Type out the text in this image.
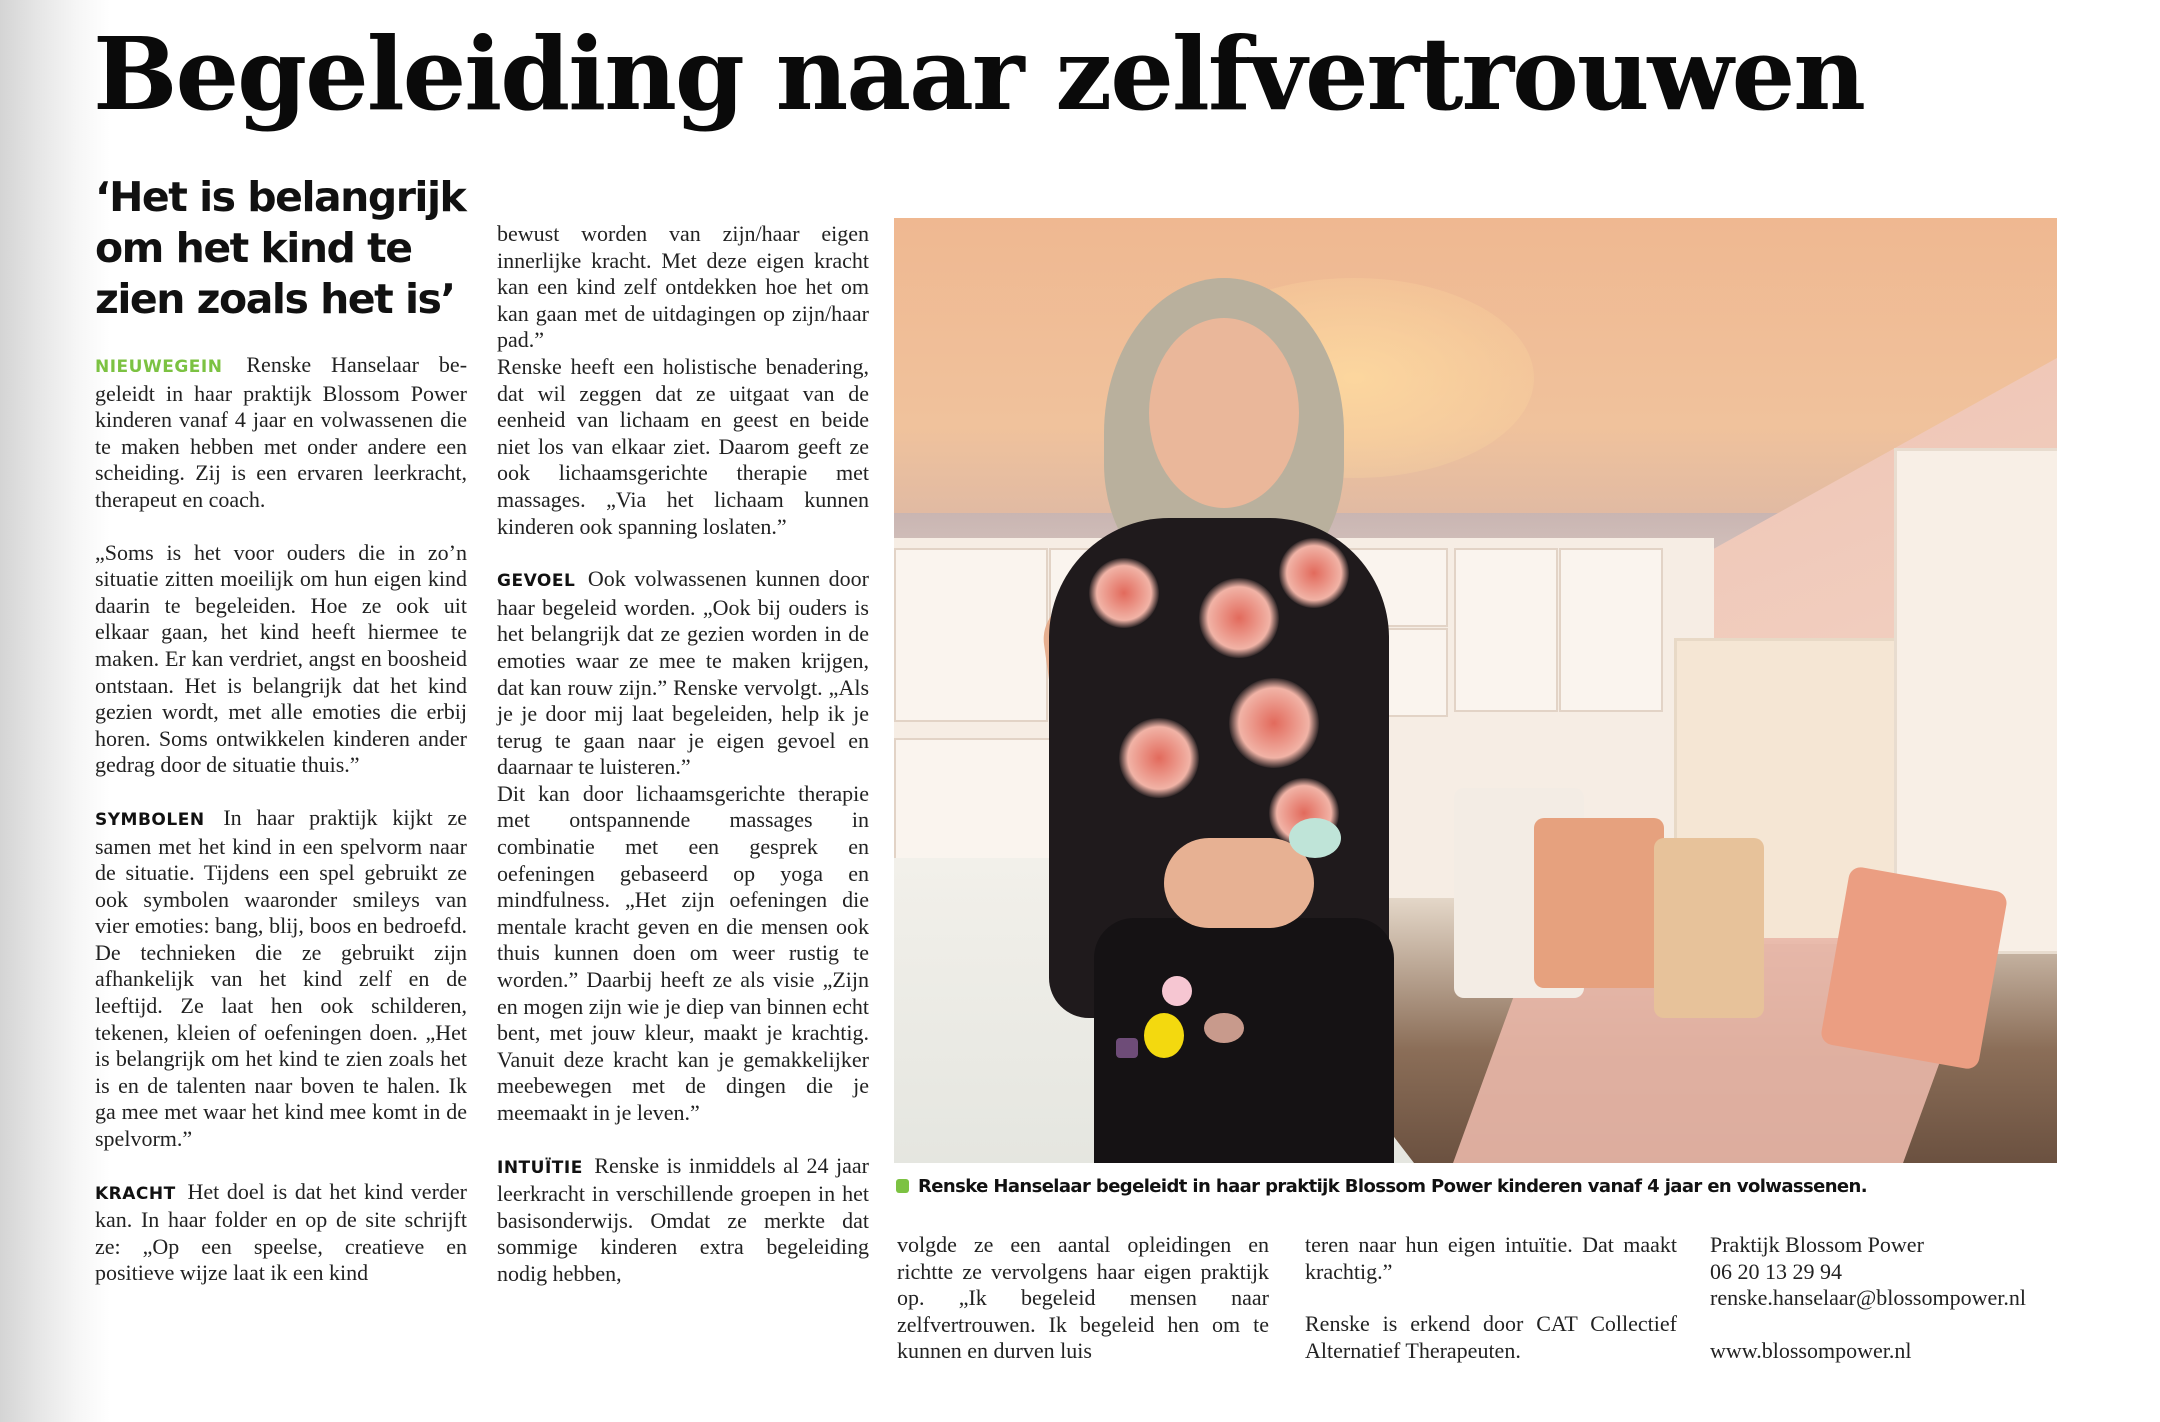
Begeleiding naar zelfvertrouwen
‘Het is belangrijk om het kind te zien zoals het is’

NIEUWEGEIN Renske Hanselaar begeleidt in haar praktijk Blossom Power kinderen vanaf 4 jaar en volwassenen die te maken hebben met onder andere een scheiding. Zij is een ervaren leerkracht, therapeut en coach.

„Soms is het voor ouders die in zo’n situatie zitten moeilijk om hun eigen kind daarin te begeleiden. Hoe ze ook uit elkaar gaan, het kind heeft hiermee te maken. Er kan verdriet, angst en boosheid ontstaan. Het is belangrijk dat het kind gezien wordt, met alle emoties die erbij horen. Soms ontwikkelen kinderen ander gedrag door de situatie thuis.”

SYMBOLEN In haar praktijk kijkt ze samen met het kind in een spelvorm naar de situatie. Tijdens een spel gebruikt ze ook symbolen waaronder smileys van vier emoties: bang, blij, boos en bedroefd. De technieken die ze gebruikt zijn afhankelijk van het kind zelf en de leeftijd. Ze laat hen ook schilderen, tekenen, kleien of oefeningen doen. „Het is belangrijk om het kind te zien zoals het is en de talenten naar boven te halen. Ik ga mee met waar het kind mee komt in de spelvorm.”

KRACHT Het doel is dat het kind verder kan. In haar folder en op de site schrijft ze: „Op een speelse, creatieve en positieve wijze laat ik een kind

bewust worden van zijn/haar eigen innerlijke kracht. Met deze eigen kracht kan een kind zelf ontdekken hoe het om kan gaan met de uitdagingen op zijn/haar pad.”

Renske heeft een holistische benadering, dat wil zeggen dat ze uitgaat van de eenheid van lichaam en geest en beide niet los van elkaar ziet. Daarom geeft ze ook lichaamsgerichte therapie met massages. „Via het lichaam kunnen kinderen ook spanning loslaten.”

GEVOEL Ook volwassenen kunnen door haar begeleid worden. „Ook bij ouders is het belangrijk dat ze gezien worden in de emoties waar ze mee te maken krijgen, dat kan rouw zijn.” Renske vervolgt. „Als je je door mij laat begeleiden, help ik je terug te gaan naar je eigen gevoel en daarnaar te luisteren.”

Dit kan door lichaamsgerichte therapie met ontspannende massages in combinatie met een gesprek en oefeningen gebaseerd op yoga en mindfulness. „Het zijn oefeningen die mentale kracht geven en die mensen ook thuis kunnen doen om weer rustig te worden.” Daarbij heeft ze als visie „Zijn en mogen zijn wie je diep van binnen echt bent, met jouw kleur, maakt je krachtig. Vanuit deze kracht kan je gemakkelijker meebewegen met de dingen die je meemaakt in je leven.”

INTUÏTIE Renske is inmiddels al 24 jaar leerkracht in verschillende groepen in het basisonderwijs. Omdat ze merkte dat sommige kinderen extra begeleiding nodig hebben,

Renske Hanselaar begeleidt in haar praktijk Blossom Power kinderen vanaf 4 jaar en volwassenen.

volgde ze een aantal opleidingen en richtte ze vervolgens haar eigen praktijk op. „Ik begeleid mensen naar zelfvertrouwen. Ik begeleid hen om te kunnen en durven luis

teren naar hun eigen intuïtie. Dat maakt krachtig.”

Renske is erkend door CAT Collectief Alternatief Therapeuten.

Praktijk Blossom Power
06 20 13 29 94
renske.hanselaar@blossompower.nl
www.blossompower.nl
